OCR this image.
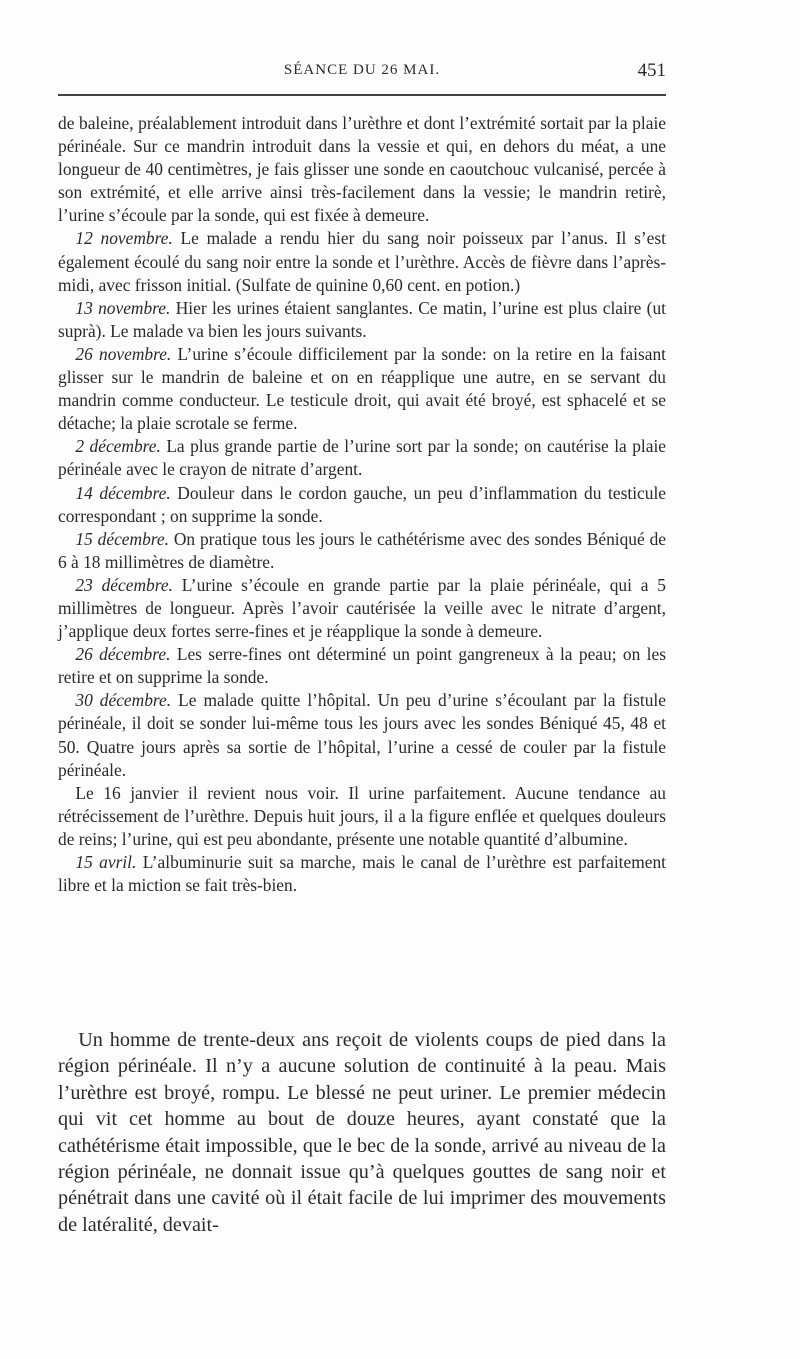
SÉANCE DU 26 MAI.	451

de baleine, préalablement introduit dans l’urèthre et dont l’extrémité sortait par la plaie périnéale. Sur ce mandrin introduit dans la vessie et qui, en dehors du méat, a une longueur de 40 centimètres, je fais glisser une sonde en caoutchouc vulcanisé, percée à son extrémité, et elle arrive ainsi très-facilement dans la vessie; le mandrin retirè, l’urine s’écoule par la sonde, qui est fixée à demeure.

 12 novembre. Le malade a rendu hier du sang noir poisseux par l’anus. Il s’est également écoulé du sang noir entre la sonde et l’urèthre. Accès de fièvre dans l’après-midi, avec frisson initial. (Sulfate de quinine 0,60 cent. en potion.)

 13 novembre. Hier les urines étaient sanglantes. Ce matin, l’urine est plus claire (ut suprà). Le malade va bien les jours suivants.

 26 novembre. L’urine s’écoule difficilement par la sonde: on la retire en la faisant glisser sur le mandrin de baleine et on en réapplique une autre, en se servant du mandrin comme conducteur. Le testicule droit, qui avait été broyé, est sphacelé et se détache; la plaie scrotale se ferme.

 2 décembre. La plus grande partie de l’urine sort par la sonde; on cautérise la plaie périnéale avec le crayon de nitrate d’argent.

 14 décembre. Douleur dans le cordon gauche, un peu d’inflammation du testicule correspondant ; on supprime la sonde.

 15 décembre. On pratique tous les jours le cathétérisme avec des sondes Béniqué de 6 à 18 millimètres de diamètre.

 23 décembre. L’urine s’écoule en grande partie par la plaie périnéale, qui a 5 millimètres de longueur. Après l’avoir cautérisée la veille avec le nitrate d’argent, j’applique deux fortes serre-fines et je réapplique la sonde à demeure.

 26 décembre. Les serre-fines ont déterminé un point gangreneux à la peau; on les retire et on supprime la sonde.

 30 décembre. Le malade quitte l’hôpital. Un peu d’urine s’écoulant par la fistule périnéale, il doit se sonder lui-même tous les jours avec les sondes Béniqué 45, 48 et 50. Quatre jours après sa sortie de l’hôpital, l’urine a cessé de couler par la fistule périnéale.

 Le 16 janvier il revient nous voir. Il urine parfaitement. Aucune tendance au rétrécissement de l’urèthre. Depuis huit jours, il a la figure enflée et quelques douleurs de reins; l’urine, qui est peu abondante, présente une notable quantité d’albumine.

 15 avril. L’albuminurie suit sa marche, mais le canal de l’urèthre est parfaitement libre et la miction se fait très-bien.

 Un homme de trente-deux ans reçoit de violents coups de pied dans la région périnéale. Il n’y a aucune solution de continuité à la peau. Mais l’urèthre est broyé, rompu. Le blessé ne peut uriner. Le premier médecin qui vit cet homme au bout de douze heures, ayant constaté que la cathétérisme était impossible, que le bec de la sonde, arrivé au niveau de la région périnéale, ne donnait issue qu’à quelques gouttes de sang noir et pénétrait dans une cavité où il était facile de lui imprimer des mouvements de latéralité, devait-
